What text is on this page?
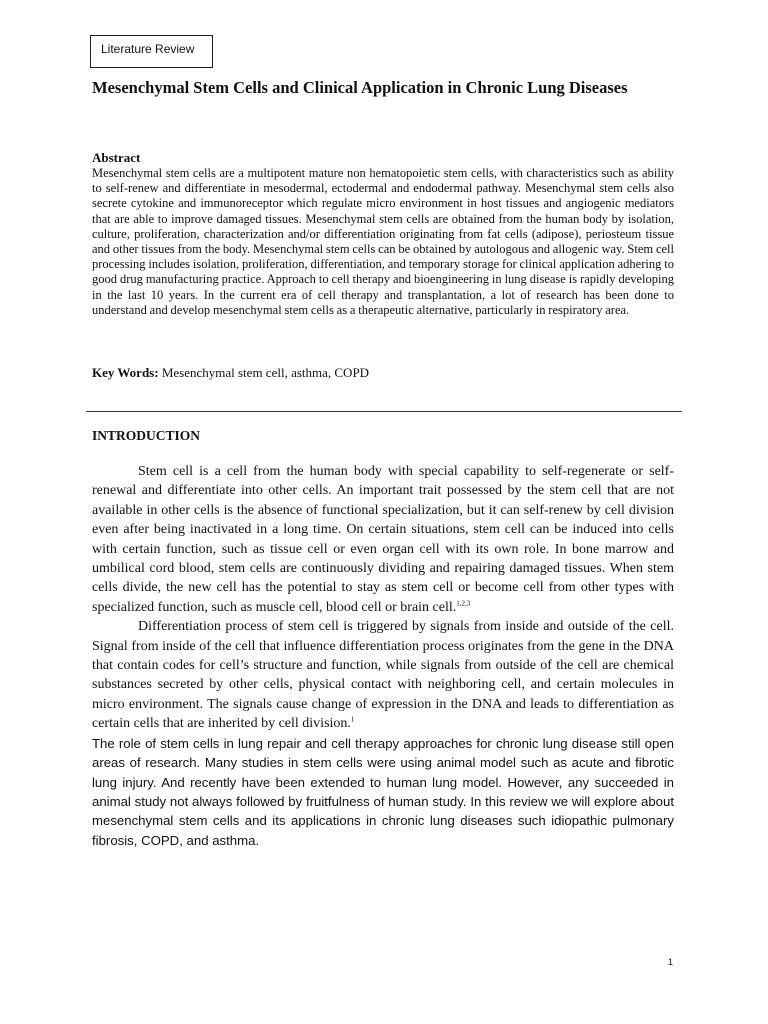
Literature Review
Mesenchymal Stem Cells and Clinical Application in Chronic Lung Diseases
Abstract

Mesenchymal stem cells are a multipotent mature non hematopoietic stem cells, with characteristics such as ability to self-renew and differentiate in mesodermal, ectodermal and endodermal pathway. Mesenchymal stem cells also secrete cytokine and immunoreceptor which regulate micro environment in host tissues and angiogenic mediators that are able to improve damaged tissues. Mesenchymal stem cells are obtained from the human body by isolation, culture, proliferation, characterization and/or differentiation originating from fat cells (adipose), periosteum tissue and other tissues from the body. Mesenchymal stem cells can be obtained by autologous and allogenic way. Stem cell processing includes isolation, proliferation, differentiation, and temporary storage for clinical application adhering to good drug manufacturing practice. Approach to cell therapy and bioengineering in lung disease is rapidly developing in the last 10 years. In the current era of cell therapy and transplantation, a lot of research has been done to understand and develop mesenchymal stem cells as a therapeutic alternative, particularly in respiratory area.

Key Words: Mesenchymal stem cell, asthma, COPD
INTRODUCTION

Stem cell is a cell from the human body with special capability to self-regenerate or self-renewal and differentiate into other cells. An important trait possessed by the stem cell that are not available in other cells is the absence of functional specialization, but it can self-renew by cell division even after being inactivated in a long time. On certain situations, stem cell can be induced into cells with certain function, such as tissue cell or even organ cell with its own role. In bone marrow and umbilical cord blood, stem cells are continuously dividing and repairing damaged tissues. When stem cells divide, the new cell has the potential to stay as stem cell or become cell from other types with specialized function, such as muscle cell, blood cell or brain cell.$^{1,2,3}$

Differentiation process of stem cell is triggered by signals from inside and outside of the cell. Signal from inside of the cell that influence differentiation process originates from the gene in the DNA that contain codes for cell’s structure and function, while signals from outside of the cell are chemical substances secreted by other cells, physical contact with neighboring cell, and certain molecules in micro environment. The signals cause change of expression in the DNA and leads to differentiation as certain cells that are inherited by cell division.$^1$

The role of stem cells in lung repair and cell therapy approaches for chronic lung disease still open areas of research. Many studies in stem cells were using animal model such as acute and fibrotic lung injury. And recently have been extended to human lung model. However, any succeeded in animal study not always followed by fruitfulness of human study. In this review we will explore about mesenchymal stem cells and its applications in chronic lung diseases such idiopathic pulmonary fibrosis, COPD, and asthma.

1
